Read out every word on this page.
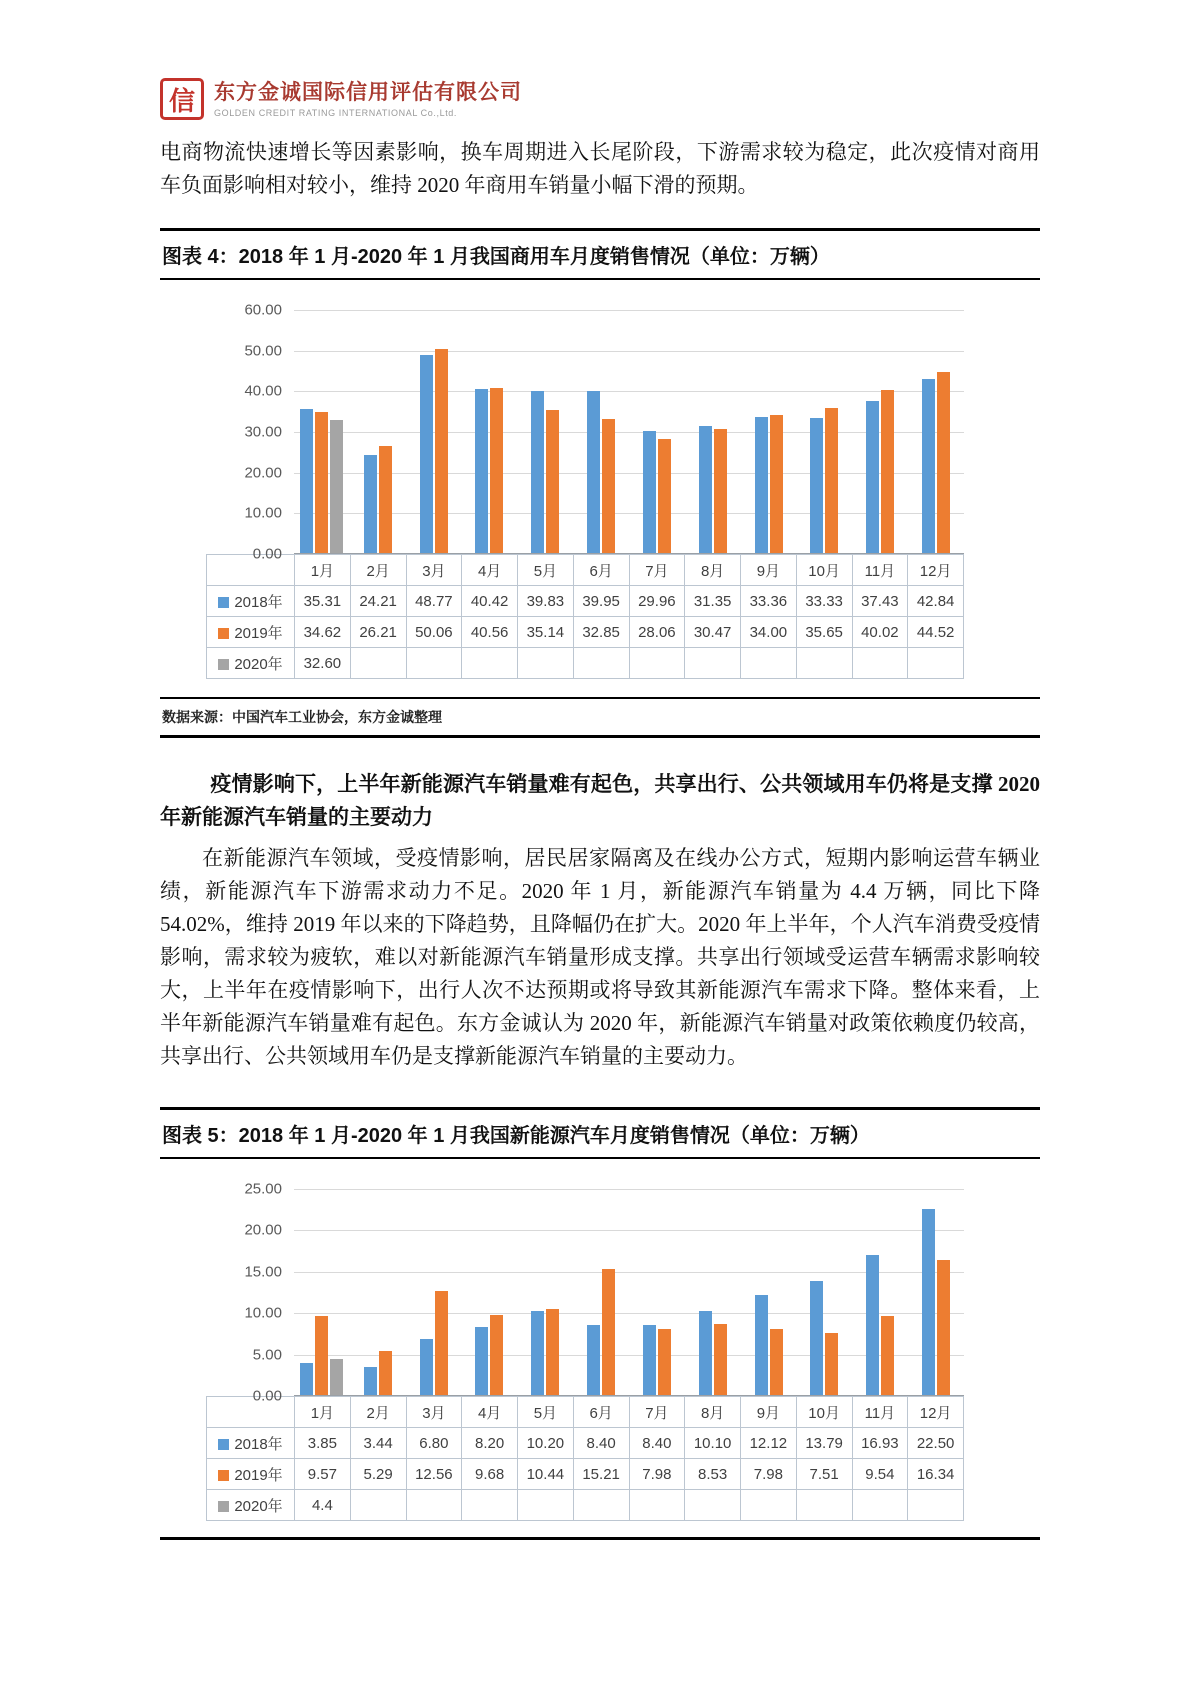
信 东方金诚国际信用评估有限公司
GOLDEN CREDIT RATING INTERNATIONAL Co.,Ltd.

电商物流快速增长等因素影响，换车周期进入长尾阶段，下游需求较为稳定，此次疫情对商用车负面影响相对较小，维持 2020 年商用车销量小幅下滑的预期。

图表 4：2018 年 1 月-2020 年 1 月我国商用车月度销售情况（单位：万辆）
60.00
50.00
40.00
30.00
20.00
10.00
0.00
	1月	2月	3月	4月	5月	6月	7月	8月	9月	10月	11月	12月
2018年	35.31	24.21	48.77	40.42	39.83	39.95	29.96	31.35	33.36	33.33	37.43	42.84
2019年	34.62	26.21	50.06	40.56	35.14	32.85	28.06	30.47	34.00	35.65	40.02	44.52
2020年	32.60											
数据来源：中国汽车工业协会，东方金诚整理

疫情影响下，上半年新能源汽车销量难有起色，共享出行、公共领域用车仍将是支撑 2020 年新能源汽车销量的主要动力

在新能源汽车领域，受疫情影响，居民居家隔离及在线办公方式，短期内影响运营车辆业绩，新能源汽车下游需求动力不足。2020 年 1 月，新能源汽车销量为 4.4 万辆，同比下降 54.02%，维持 2019 年以来的下降趋势，且降幅仍在扩大。2020 年上半年，个人汽车消费受疫情影响，需求较为疲软，难以对新能源汽车销量形成支撑。共享出行领域受运营车辆需求影响较大，上半年在疫情影响下，出行人次不达预期或将导致其新能源汽车需求下降。整体来看，上半年新能源汽车销量难有起色。东方金诚认为 2020 年，新能源汽车销量对政策依赖度仍较高，共享出行、公共领域用车仍是支撑新能源汽车销量的主要动力。

图表 5：2018 年 1 月-2020 年 1 月我国新能源汽车月度销售情况（单位：万辆）
25.00
20.00
15.00
10.00
5.00
0.00
	1月	2月	3月	4月	5月	6月	7月	8月	9月	10月	11月	12月
2018年	3.85	3.44	6.80	8.20	10.20	8.40	8.40	10.10	12.12	13.79	16.93	22.50
2019年	9.57	5.29	12.56	9.68	10.44	15.21	7.98	8.53	7.98	7.51	9.54	16.34
2020年	4.4											
